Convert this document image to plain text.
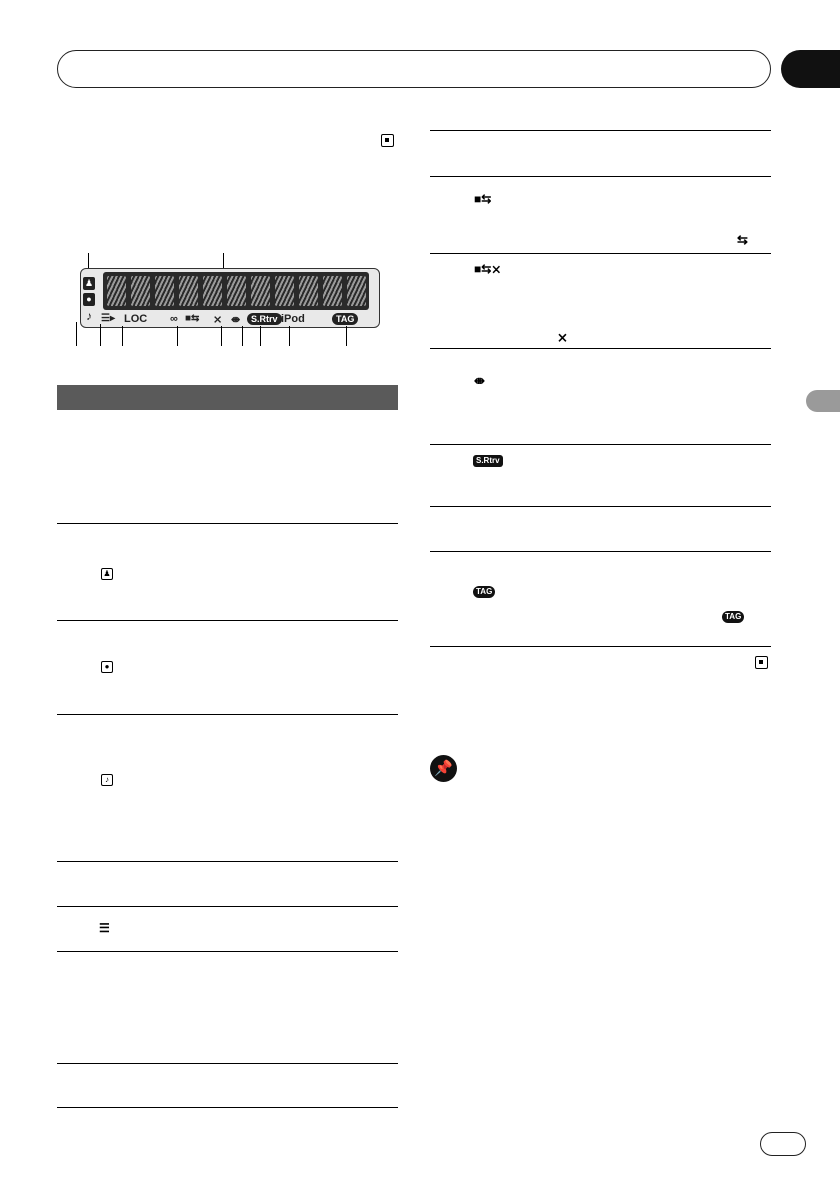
♟
●
♪ ☰▸ LOC ∞ ■⇆ ⨯ ⇼	S.Rtrv iPod	TAG
♟
●
♪
☰
■⇆
⇆
■⇆⨯
⨯
⇼
S.Rtrv
TAG
TAG
📌
